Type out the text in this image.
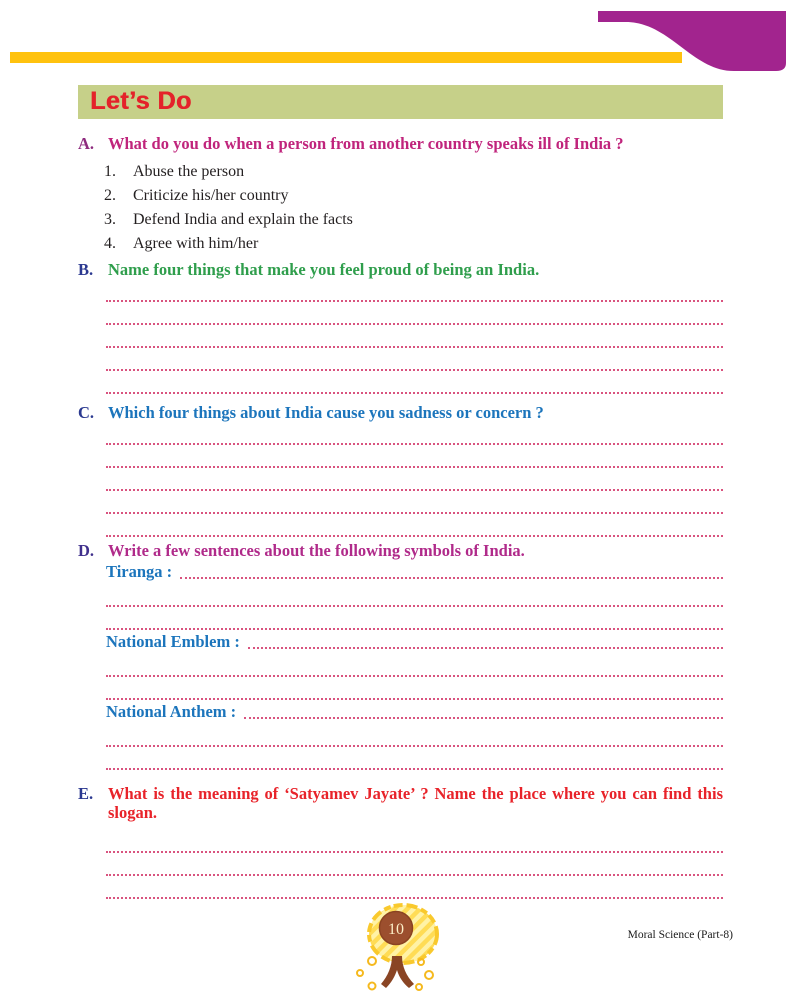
Let’s Do
A. What do you do when a person from another country speaks ill of India ?
1.	Abuse the person
2.	Criticize his/her country
3.	Defend India and explain the facts
4.	Agree with him/her
B. Name four things that make you feel proud of being an India.
C. Which four things about India cause you sadness or concern ?
D. Write a few sentences about the following symbols of India.
Tiranga :
National Emblem :
National Anthem :
E. What is the meaning of ‘Satyamev Jayate’ ? Name the place where you can find this slogan.
10	Moral Science (Part-8)
